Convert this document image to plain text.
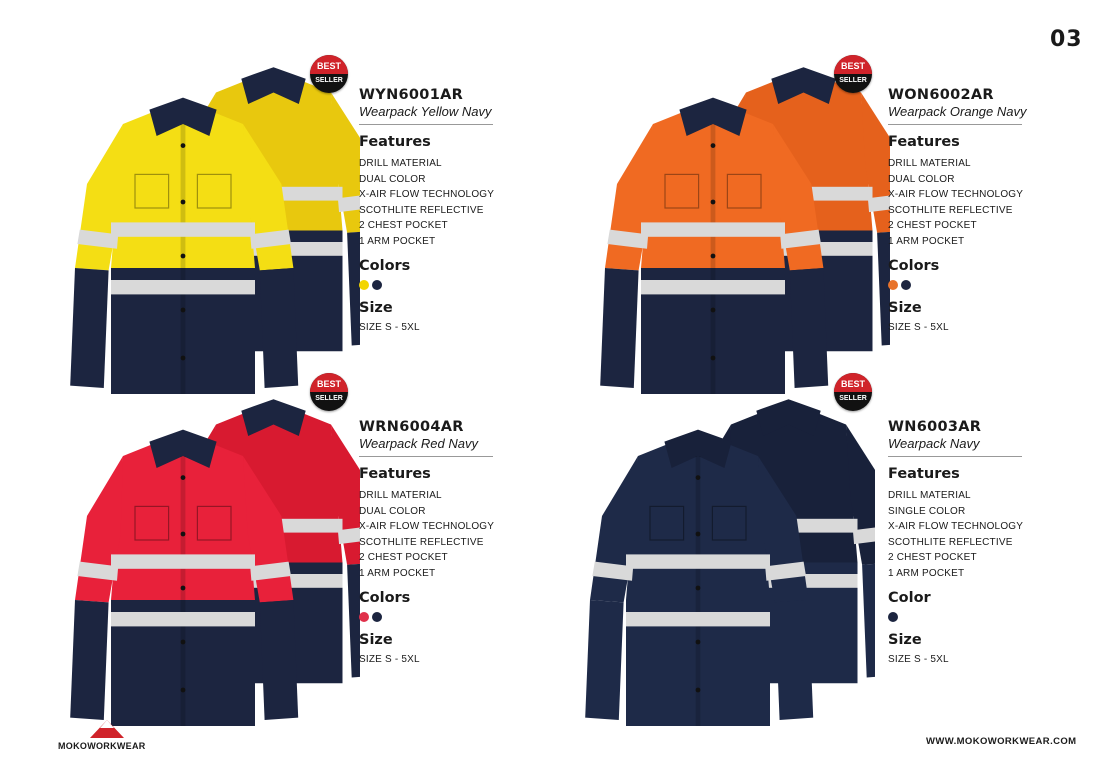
03
BEST
SELLER
WYN6001AR
Wearpack Yellow Navy
Features
DRILL MATERIAL
DUAL COLOR
X-AIR FLOW TECHNOLOGY
SCOTHLITE REFLECTIVE
2 CHEST POCKET
1 ARM POCKET
Colors
Size
SIZE S - 5XL
BEST
SELLER
WON6002AR
Wearpack Orange Navy
Features
DRILL MATERIAL
DUAL COLOR
X-AIR FLOW TECHNOLOGY
SCOTHLITE REFLECTIVE
2 CHEST POCKET
1 ARM POCKET
Colors
Size
SIZE S - 5XL
BEST
SELLER
WRN6004AR
Wearpack Red Navy
Features
DRILL MATERIAL
DUAL COLOR
X-AIR FLOW TECHNOLOGY
SCOTHLITE REFLECTIVE
2 CHEST POCKET
1 ARM POCKET
Colors
Size
SIZE S - 5XL
BEST
SELLER
WN6003AR
Wearpack Navy
Features
DRILL MATERIAL
SINGLE COLOR
X-AIR FLOW TECHNOLOGY
SCOTHLITE REFLECTIVE
2 CHEST POCKET
1 ARM POCKET
Color
Size
SIZE S - 5XL
MOKOWORKWEAR	WWW.MOKOWORKWEAR.COM
